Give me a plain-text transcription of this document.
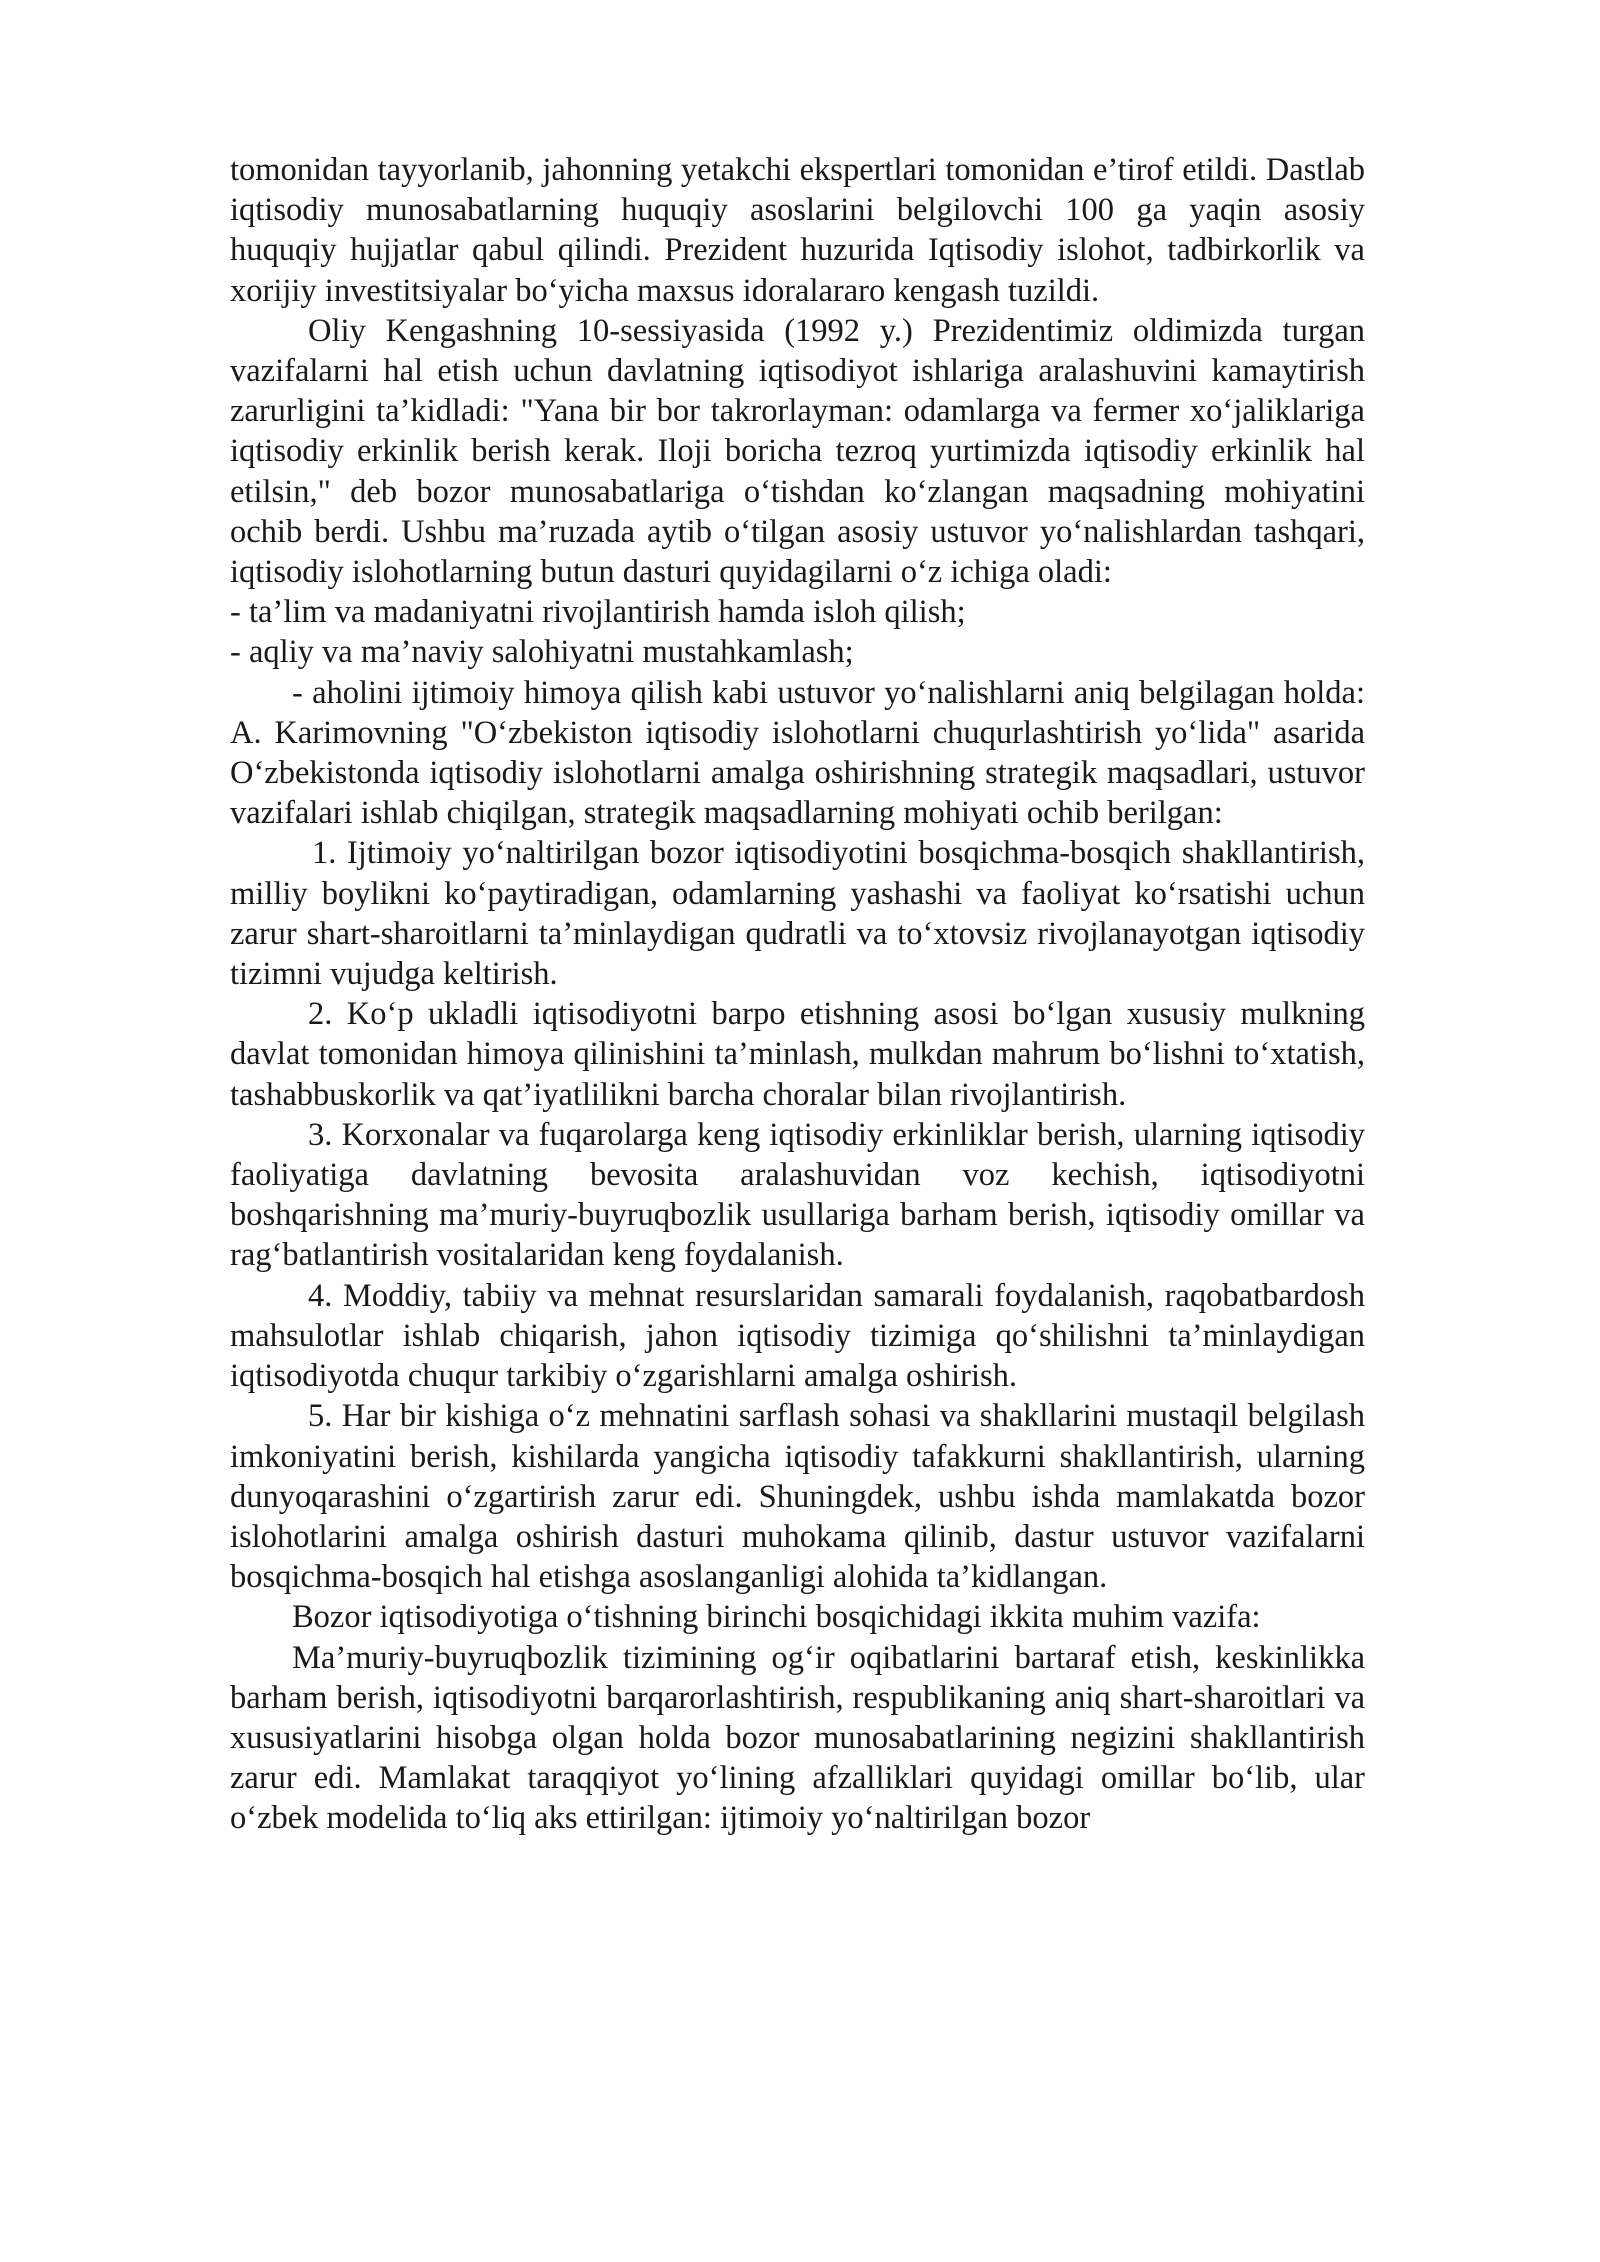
tomonidan tayyorlanib, jahonning yetakchi ekspertlari tomonidan e’tirof etildi. Dastlab iqtisodiy munosabatlarning huquqiy asoslarini belgilovchi 100 ga yaqin asosiy huquqiy hujjatlar qabul qilindi. Prezident huzurida Iqtisodiy islohot, tadbirkorlik va xorijiy investitsiyalar bo‘yicha maxsus idoralararo kengash tuzildi.

Oliy Kengashning 10-sessiyasida (1992 y.) Prezidentimiz oldimizda turgan vazifalarni hal etish uchun davlatning iqtisodiyot ishlariga aralashuvini kamaytirish zarurligini ta’kidladi: "Yana bir bor takrorlayman: odamlarga va fermer xo‘jaliklariga iqtisodiy erkinlik berish kerak. Iloji boricha tezroq yurtimizda iqtisodiy erkinlik hal etilsin," deb bozor munosabatlariga o‘tishdan ko‘zlangan maqsadning mohiyatini ochib berdi. Ushbu ma’ruzada aytib o‘tilgan asosiy ustuvor yo‘nalishlardan tashqari, iqtisodiy islohotlarning butun dasturi quyidagilarni o‘z ichiga oladi:

- ta’lim va madaniyatni rivojlantirish hamda isloh qilish;

- aqliy va ma’naviy salohiyatni mustahkamlash;

- aholini ijtimoiy himoya qilish kabi ustuvor yo‘nalishlarni aniq belgilagan holda: A. Karimovning "O‘zbekiston iqtisodiy islohotlarni chuqurlashtirish yo‘lida" asarida O‘zbekistonda iqtisodiy islohotlarni amalga oshirishning strategik maqsadlari, ustuvor vazifalari ishlab chiqilgan, strategik maqsadlarning mohiyati ochib berilgan:

1. Ijtimoiy yo‘naltirilgan bozor iqtisodiyotini bosqichma-bosqich shakllantirish, milliy boylikni ko‘paytiradigan, odamlarning yashashi va faoliyat ko‘rsatishi uchun zarur shart-sharoitlarni ta’minlaydigan qudratli va to‘xtovsiz rivojlanayotgan iqtisodiy tizimni vujudga keltirish.

2. Ko‘p ukladli iqtisodiyotni barpo etishning asosi bo‘lgan xususiy mulkning davlat tomonidan himoya qilinishini ta’minlash, mulkdan mahrum bo‘lishni to‘xtatish, tashabbuskorlik va qat’iyatlilikni barcha choralar bilan rivojlantirish.

3. Korxonalar va fuqarolarga keng iqtisodiy erkinliklar berish, ularning iqtisodiy faoliyatiga davlatning bevosita aralashuvidan voz kechish, iqtisodiyotni boshqarishning ma’muriy-buyruqbozlik usullariga barham berish, iqtisodiy omillar va rag‘batlantirish vositalaridan keng foydalanish.

4. Moddiy, tabiiy va mehnat resurslaridan samarali foydalanish, raqobatbardosh mahsulotlar ishlab chiqarish, jahon iqtisodiy tizimiga qo‘shilishni ta’minlaydigan iqtisodiyotda chuqur tarkibiy o‘zgarishlarni amalga oshirish.

5. Har bir kishiga o‘z mehnatini sarflash sohasi va shakllarini mustaqil belgilash imkoniyatini berish, kishilarda yangicha iqtisodiy tafakkurni shakllantirish, ularning dunyoqarashini o‘zgartirish zarur edi. Shuningdek, ushbu ishda mamlakatda bozor islohotlarini amalga oshirish dasturi muhokama qilinib, dastur ustuvor vazifalarni bosqichma-bosqich hal etishga asoslanganligi alohida ta’kidlangan.

Bozor iqtisodiyotiga o‘tishning birinchi bosqichidagi ikkita muhim vazifa:

Ma’muriy-buyruqbozlik tizimining og‘ir oqibatlarini bartaraf etish, keskinlikka barham berish, iqtisodiyotni barqarorlashtirish, respublikaning aniq shart-sharoitlari va xususiyatlarini hisobga olgan holda bozor munosabatlarining negizini shakllantirish zarur edi. Mamlakat taraqqiyot yo‘lining afzalliklari quyidagi omillar bo‘lib, ular o‘zbek modelida to‘liq aks ettirilgan: ijtimoiy yo‘naltirilgan bozor
